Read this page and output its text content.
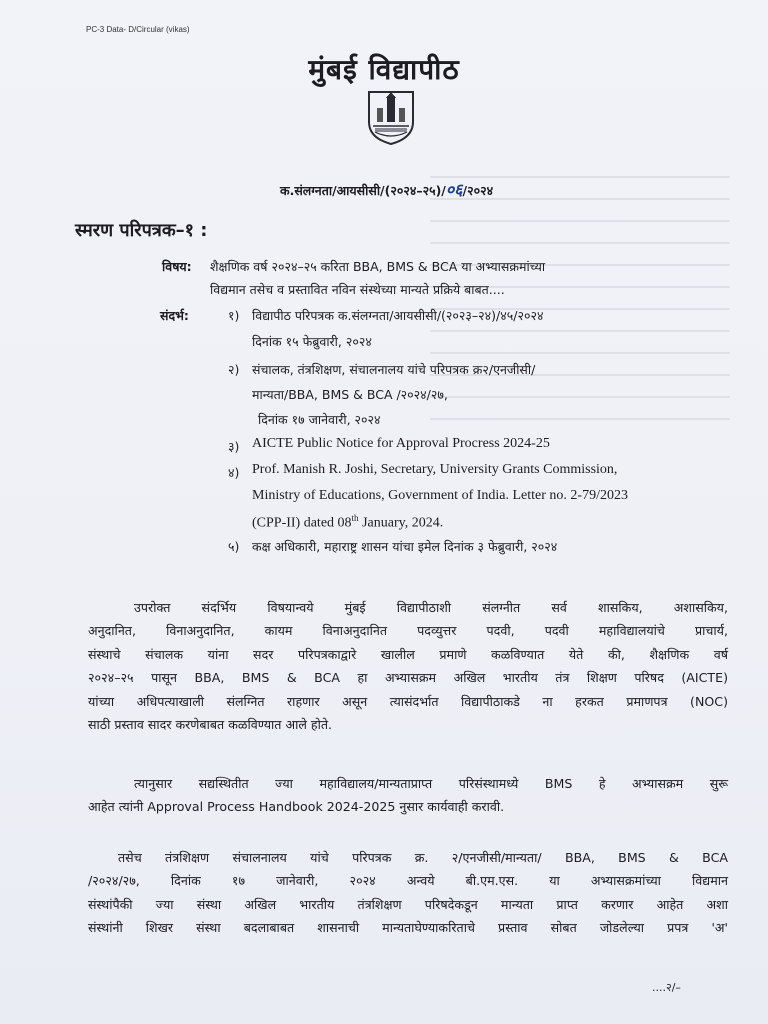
PC-3 Data- D/Circular (vikas)
मुंबई विद्यापीठ
क.संलग्नता/आयसीसी/(२०२४–२५)/०६/२०२४
स्मरण परिपत्रक–१ :
विषय: शैक्षणिक वर्ष २०२४–२५ करिता BBA, BMS & BCA या अभ्यासक्रमांच्या
विद्यमान तसेच व प्रस्तावित नविन संस्थेच्या मान्यते प्रक्रिये बाबत....
संदर्भ:	१) विद्यापीठ परिपत्रक क.संलग्नता/आयसीसी/(२०२३–२४)/४५/२०२४
दिनांक १५ फेब्रुवारी, २०२४
२) संचालक, तंत्रशिक्षण, संचालनालय यांचे परिपत्रक क्र२/एनजीसी/
मान्यता/BBA, BMS & BCA /२०२४/२७,
दिनांक १७ जानेवारी, २०२४
३) AICTE Public Notice for Approval Procress 2024-25
४) Prof. Manish R. Joshi, Secretary, University Grants Commission,
Ministry of Educations, Government of India. Letter no. 2-79/2023
(CPP-II) dated 08th January, 2024.
५) कक्ष अधिकारी, महाराष्ट्र शासन यांचा इमेल दिनांक ३ फेब्रुवारी, २०२४
उपरोक्त संदर्भिय विषयान्वये मुंबई विद्यापीठाशी संलग्नीत सर्व शासकिय, अशासकिय,
अनुदानित, विनाअनुदानित, कायम विनाअनुदानित पदव्युत्तर पदवी, पदवी महाविद्यालयांचे प्राचार्य,
संस्थाचे संचालक यांना सदर परिपत्रकाद्वारे खालील प्रमाणे कळविण्यात येते की, शैक्षणिक वर्ष
२०२४–२५ पासून BBA, BMS & BCA हा अभ्यासक्रम अखिल भारतीय तंत्र शिक्षण परिषद (AICTE)
यांच्या अधिपत्याखाली संलग्नित राहणार असून त्यासंदर्भात विद्यापीठाकडे ना हरकत प्रमाणपत्र (NOC)
साठी प्रस्ताव सादर करणेबाबत कळविण्यात आले होते.
त्यानुसार सद्यस्थितीत ज्या महाविद्यालय/मान्यताप्राप्त परिसंस्थामध्ये BMS हे अभ्यासक्रम सुरू
आहेत त्यांनी Approval Process Handbook 2024-2025 नुसार कार्यवाही करावी.
तसेच तंत्रशिक्षण संचालनालय यांचे परिपत्रक क्र. २/एनजीसी/मान्यता/ BBA, BMS & BCA
/२०२४/२७, दिनांक १७ जानेवारी, २०२४ अन्वये बी.एम.एस. या अभ्यासक्रमांच्या विद्यमान
संस्थांपैकी ज्या संस्था अखिल भारतीय तंत्रशिक्षण परिषदेकडून मान्यता प्राप्त करणार आहेत अशा
संस्थांनी शिखर संस्था बदलाबाबत शासनाची मान्यताघेण्याकरिताचे प्रस्ताव सोबत जोडलेल्या प्रपत्र 'अ'
....२/–
